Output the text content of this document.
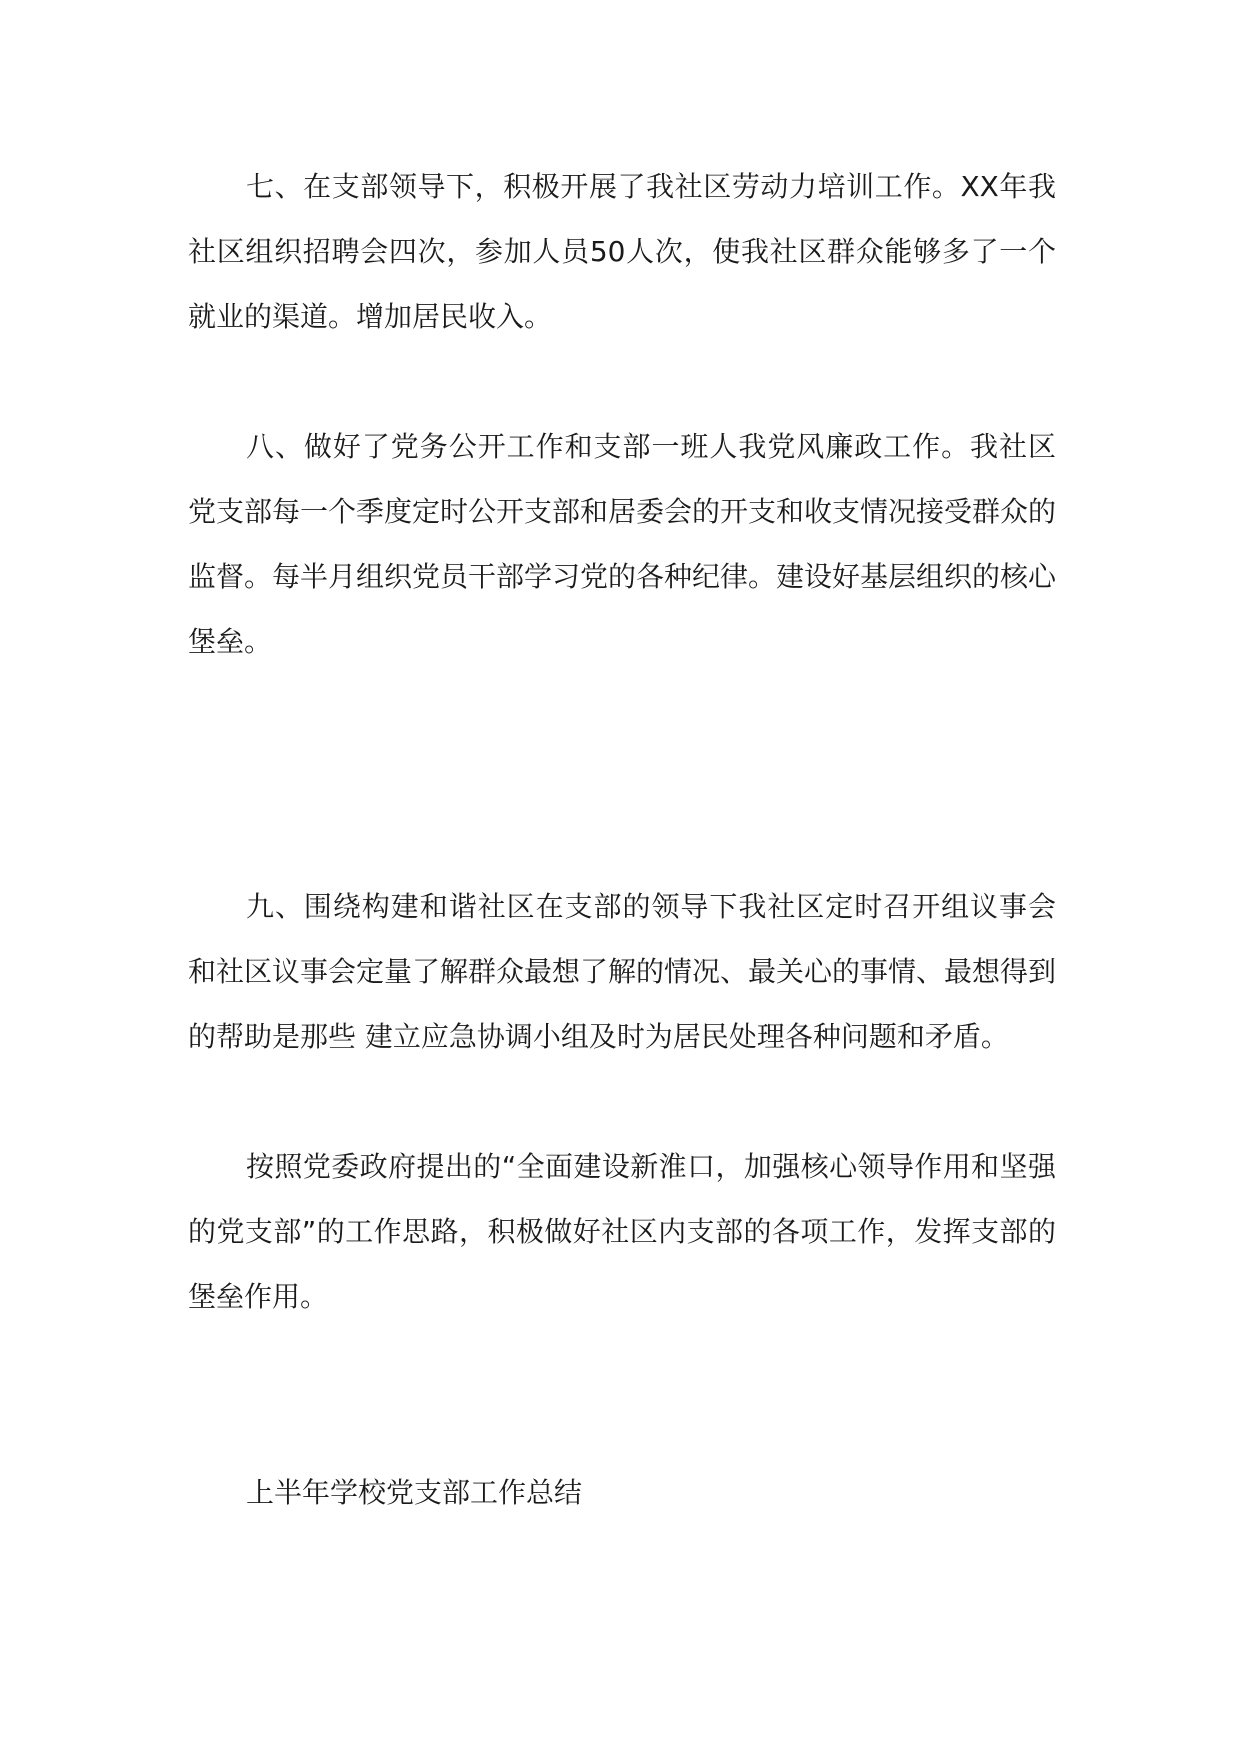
七、在支部领导下，积极开展了我社区劳动力培训工作。XX年我社区组织招聘会四次，参加人员50人次，使我社区群众能够多了一个就业的渠道。增加居民收入。

八、做好了党务公开工作和支部一班人我党风廉政工作。我社区党支部每一个季度定时公开支部和居委会的开支和收支情况接受群众的监督。每半月组织党员干部学习党的各种纪律。建设好基层组织的核心堡垒。

九、围绕构建和谐社区在支部的领导下我社区定时召开组议事会和社区议事会定量了解群众最想了解的情况、最关心的事情、最想得到的帮助是那些 建立应急协调小组及时为居民处理各种问题和矛盾。

按照党委政府提出的“全面建设新淮口，加强核心领导作用和坚强的党支部”的工作思路，积极做好社区内支部的各项工作，发挥支部的堡垒作用。

上半年学校党支部工作总结
